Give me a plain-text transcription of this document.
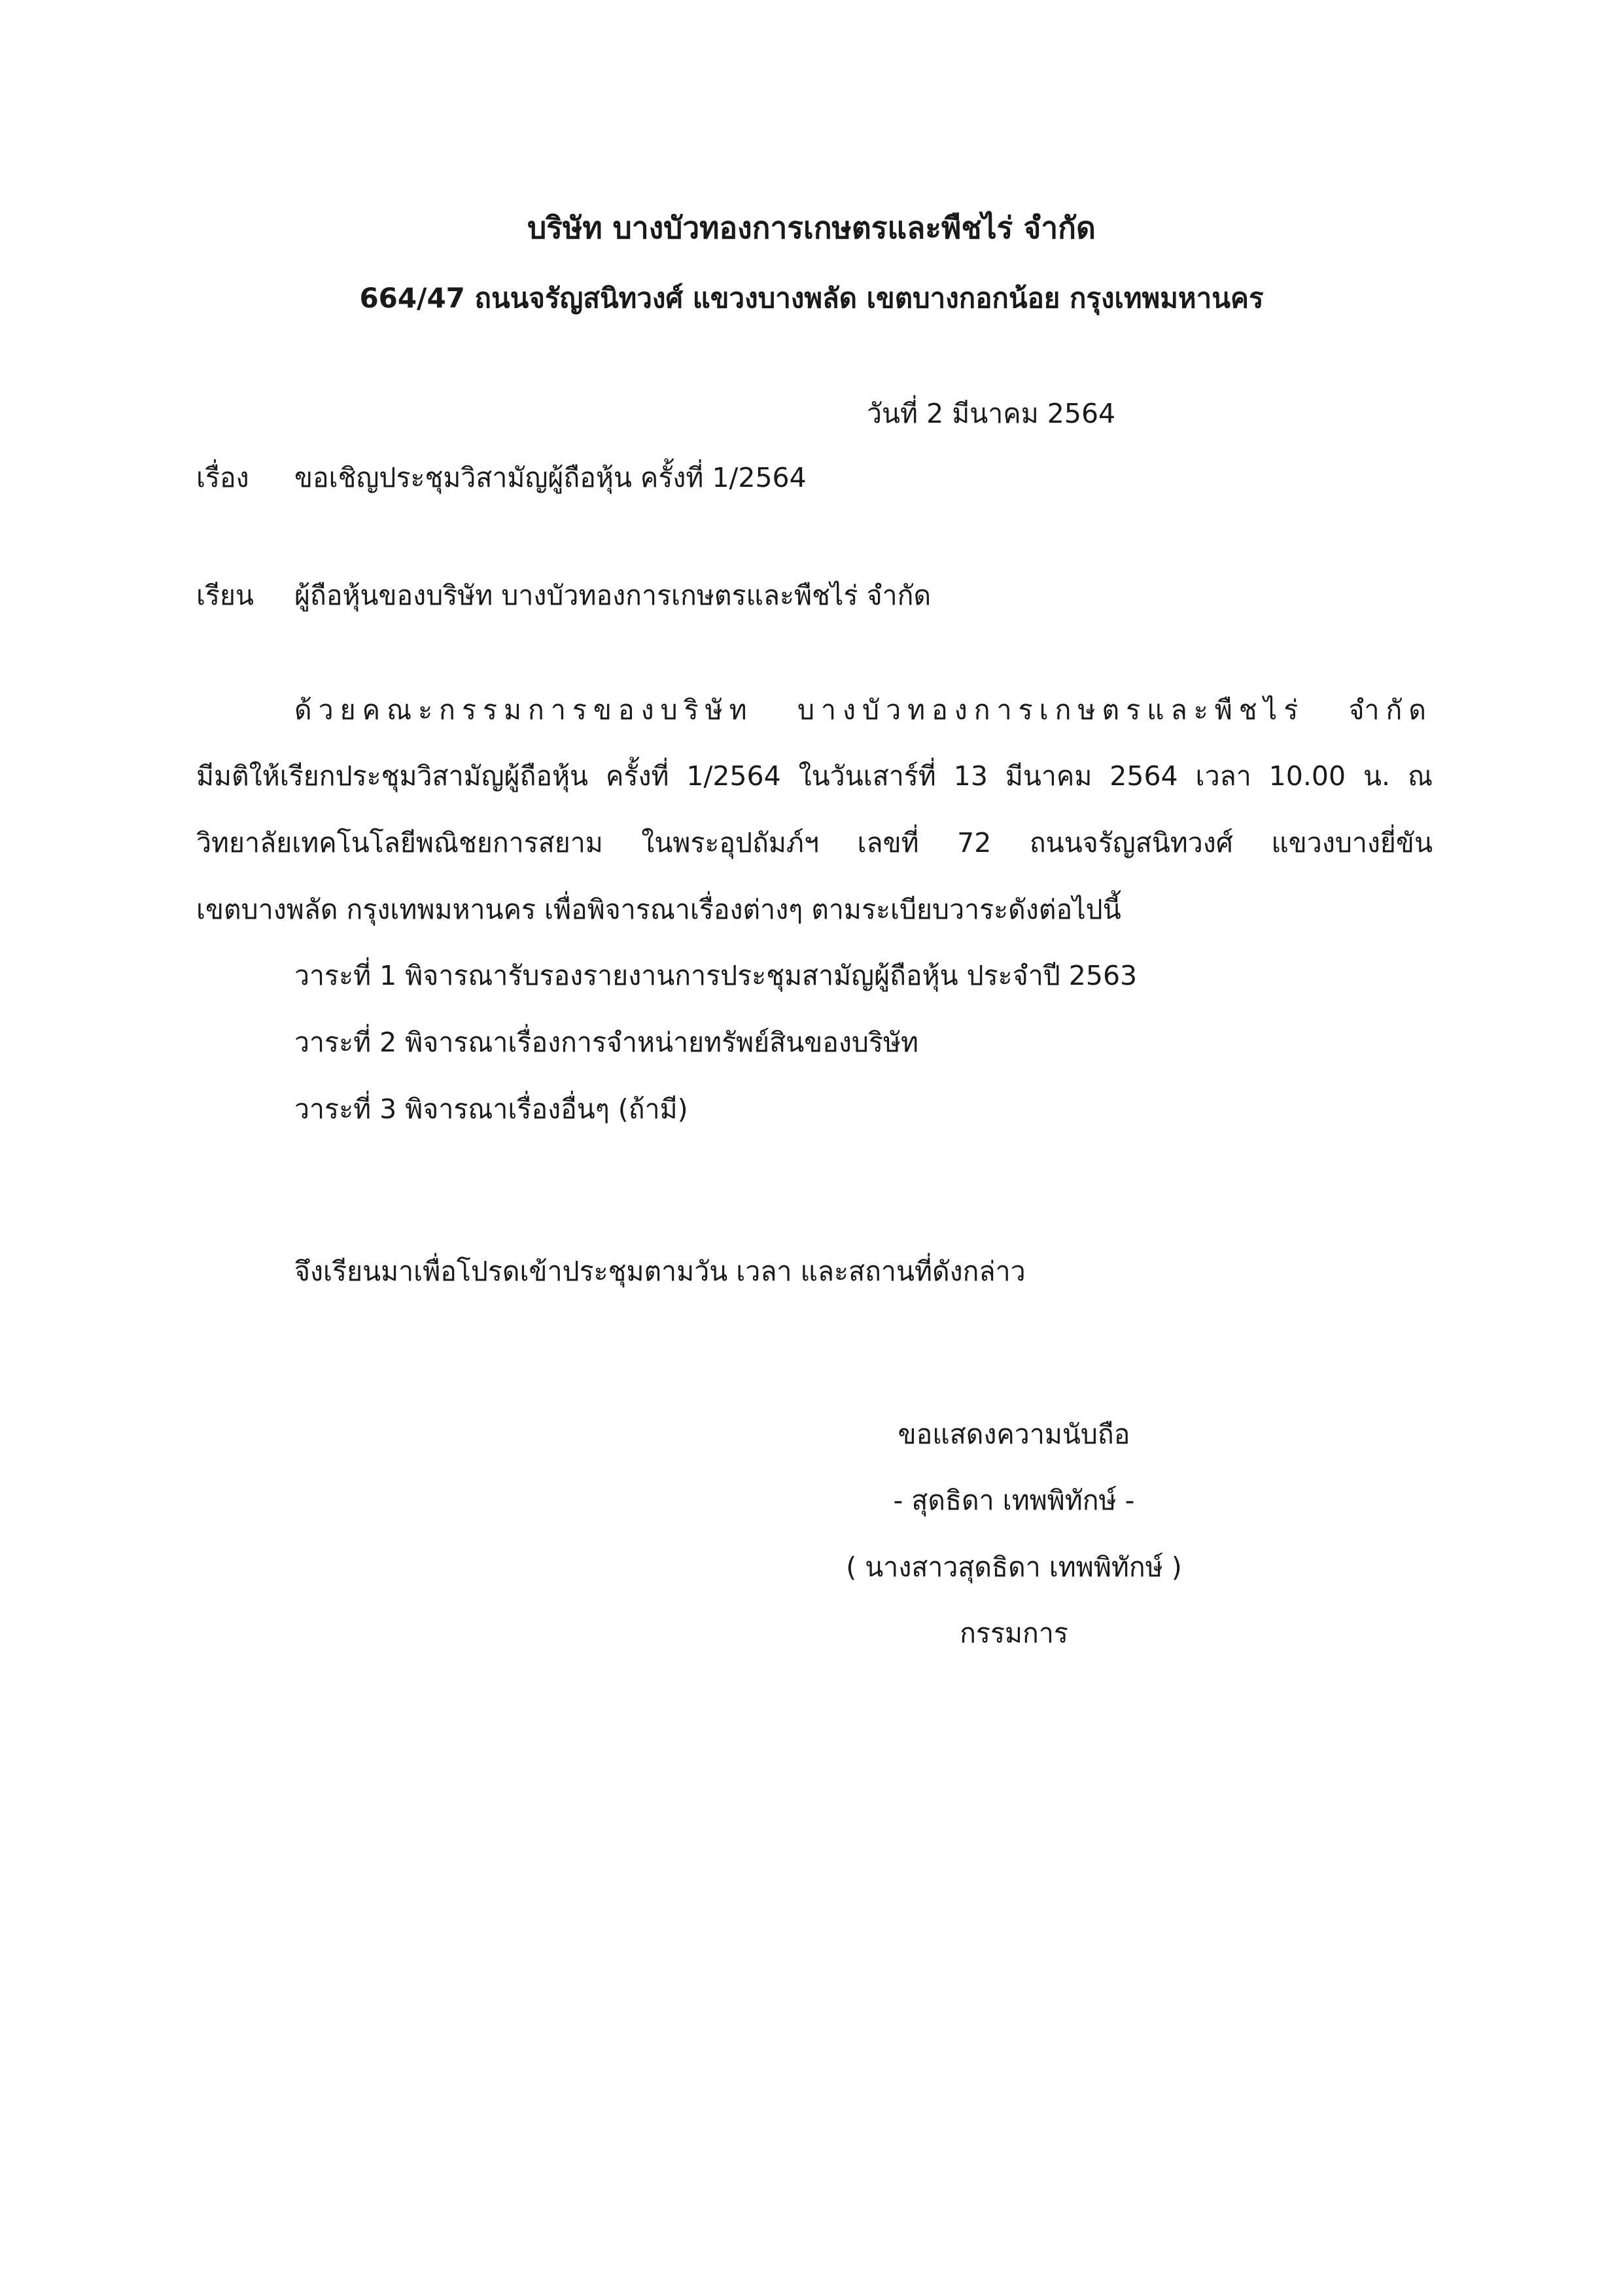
บริษัท บางบัวทองการเกษตรและพืชไร่ จำกัด
664/47 ถนนจรัญสนิทวงศ์ แขวงบางพลัด เขตบางกอกน้อย กรุงเทพมหานคร
วันที่ 2 มีนาคม 2564
เรื่อง ขอเชิญประชุมวิสามัญผู้ถือหุ้น ครั้งที่ 1/2564
เรียน ผู้ถือหุ้นของบริษัท บางบัวทองการเกษตรและพืชไร่ จำกัด
ด้วยคณะกรรมการของบริษัท บางบัวทองการเกษตรและพืชไร่ จำกัด
มีมติให้เรียกประชุมวิสามัญผู้ถือหุ้น ครั้งที่ 1/2564 ในวันเสาร์ที่ 13 มีนาคม 2564 เวลา 10.00 น. ณ
วิทยาลัยเทคโนโลยีพณิชยการสยาม ในพระอุปถัมภ์ฯ เลขที่ 72 ถนนจรัญสนิทวงศ์ แขวงบางยี่ขัน
เขตบางพลัด กรุงเทพมหานคร เพื่อพิจารณาเรื่องต่างๆ ตามระเบียบวาระดังต่อไปนี้
วาระที่ 1 พิจารณารับรองรายงานการประชุมสามัญผู้ถือหุ้น ประจำปี 2563
วาระที่ 2 พิจารณาเรื่องการจำหน่ายทรัพย์สินของบริษัท
วาระที่ 3 พิจารณาเรื่องอื่นๆ (ถ้ามี)
จึงเรียนมาเพื่อโปรดเข้าประชุมตามวัน เวลา และสถานที่ดังกล่าว
ขอแสดงความนับถือ
- สุดธิดา เทพพิทักษ์ -
( นางสาวสุดธิดา เทพพิทักษ์ )
กรรมการ
